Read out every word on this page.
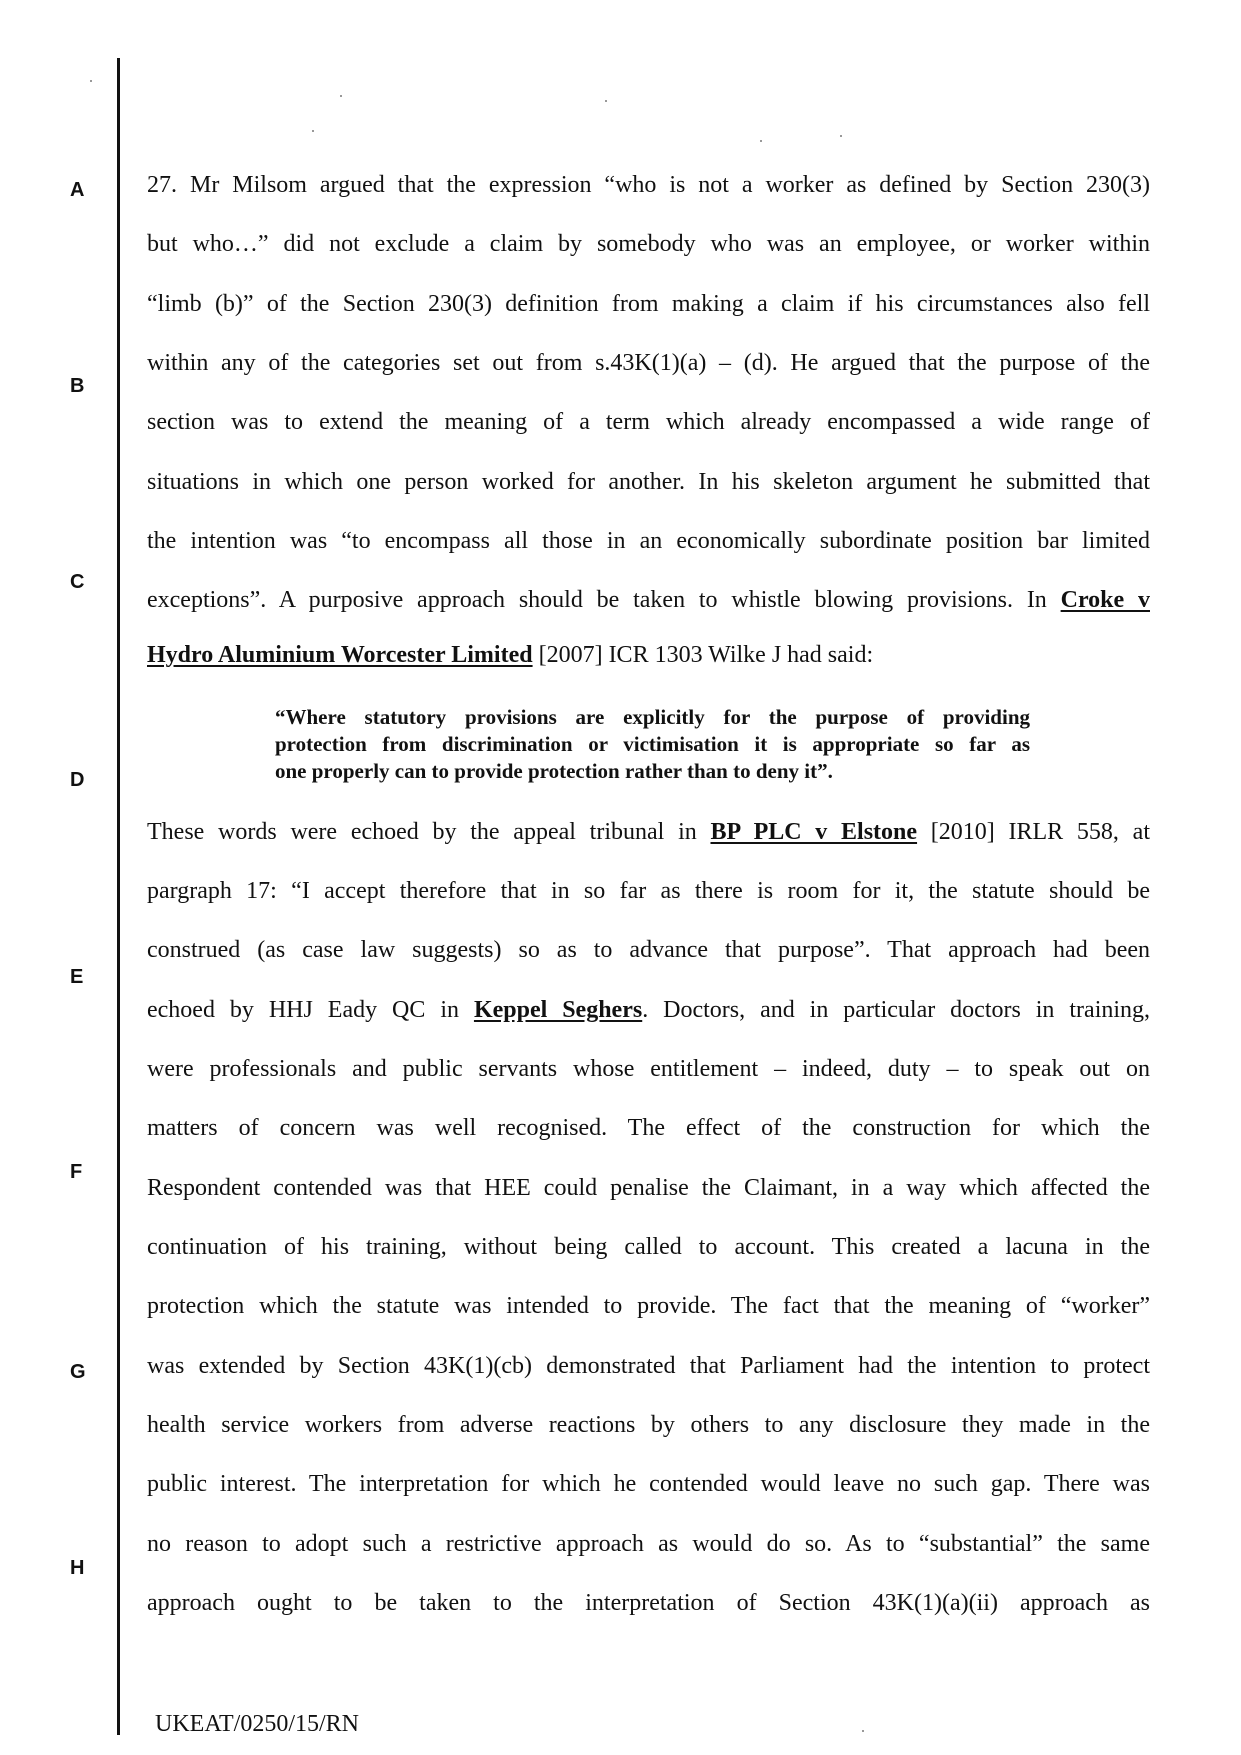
A
B
C
D
E
F
G
H
27. Mr Milsom argued that the expression “who is not a worker as defined by Section 230(3)
but who…” did not exclude a claim by somebody who was an employee, or worker within
“limb (b)” of the Section 230(3) definition from making a claim if his circumstances also fell
within any of the categories set out from s.43K(1)(a) – (d). He argued that the purpose of the
section was to extend the meaning of a term which already encompassed a wide range of
situations in which one person worked for another. In his skeleton argument he submitted that
the intention was “to encompass all those in an economically subordinate position bar limited
exceptions”. A purposive approach should be taken to whistle blowing provisions. In Croke v
Hydro Aluminium Worcester Limited [2007] ICR 1303 Wilke J had said:
“Where statutory provisions are explicitly for the purpose of providing
protection from discrimination or victimisation it is appropriate so far as
one properly can to provide protection rather than to deny it”.
These words were echoed by the appeal tribunal in BP PLC v Elstone [2010] IRLR 558, at
pargraph 17: “I accept therefore that in so far as there is room for it, the statute should be
construed (as case law suggests) so as to advance that purpose”. That approach had been
echoed by HHJ Eady QC in Keppel Seghers. Doctors, and in particular doctors in training,
were professionals and public servants whose entitlement – indeed, duty – to speak out on
matters of concern was well recognised. The effect of the construction for which the
Respondent contended was that HEE could penalise the Claimant, in a way which affected the
continuation of his training, without being called to account. This created a lacuna in the
protection which the statute was intended to provide. The fact that the meaning of “worker”
was extended by Section 43K(1)(cb) demonstrated that Parliament had the intention to protect
health service workers from adverse reactions by others to any disclosure they made in the
public interest. The interpretation for which he contended would leave no such gap. There was
no reason to adopt such a restrictive approach as would do so. As to “substantial” the same
approach ought to be taken to the interpretation of Section 43K(1)(a)(ii) approach as
UKEAT/0250/15/RN
